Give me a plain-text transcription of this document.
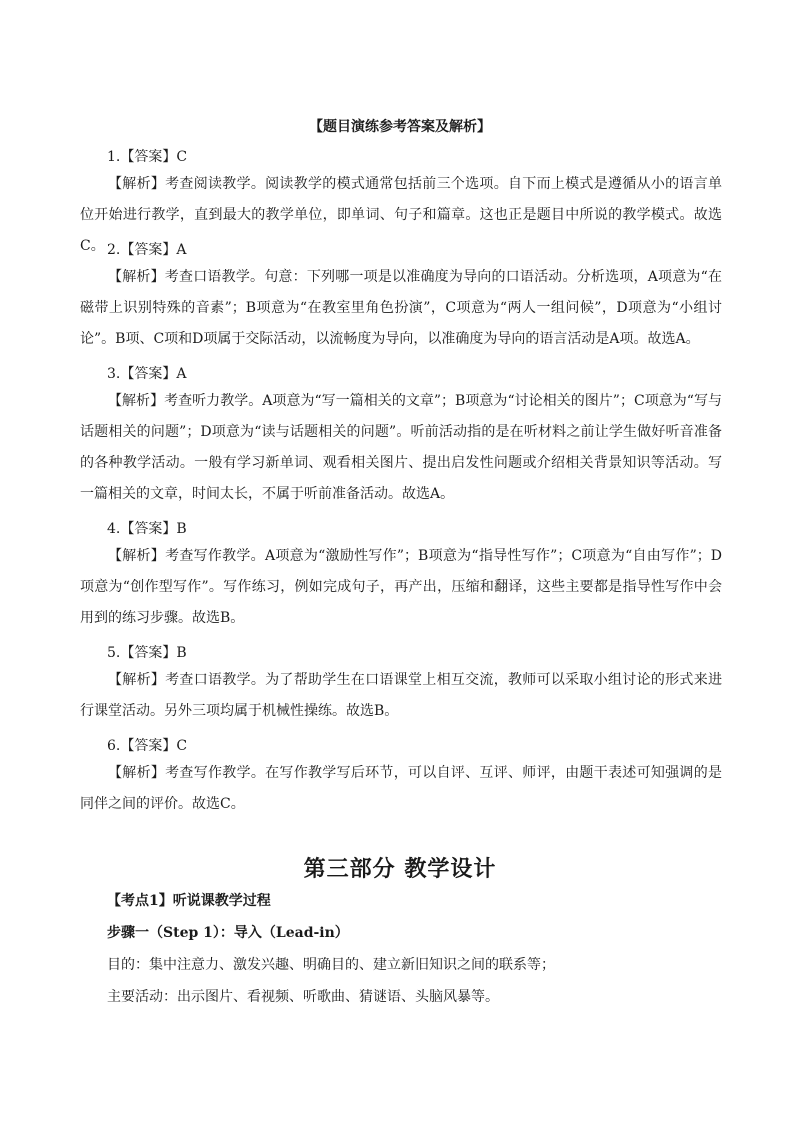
【题目演练参考答案及解析】
1.【答案】C
【解析】考查阅读教学。阅读教学的模式通常包括前三个选项。自下而上模式是遵循从小的语言单位开始进行教学，直到最大的教学单位，即单词、句子和篇章。这也正是题目中所说的教学模式。故选C。 2.【答案】A
【解析】考查口语教学。句意：下列哪一项是以准确度为导向的口语活动。分析选项，A项意为“在磁带上识别特殊的音素”；B项意为“在教室里角色扮演”，C项意为“两人一组问候”，D项意为“小组讨论”。B项、C项和D项属于交际活动，以流畅度为导向，以准确度为导向的语言活动是A项。故选A。
3.【答案】A
【解析】考查听力教学。A项意为“写一篇相关的文章”；B项意为“讨论相关的图片”；C项意为“写与话题相关的问题”；D项意为“读与话题相关的问题”。听前活动指的是在听材料之前让学生做好听音准备的各种教学活动。一般有学习新单词、观看相关图片、提出启发性问题或介绍相关背景知识等活动。写一篇相关的文章，时间太长，不属于听前准备活动。故选A。
4.【答案】B
【解析】考查写作教学。A项意为“激励性写作”；B项意为“指导性写作”；C项意为“自由写作”；D项意为“创作型写作”。写作练习，例如完成句子，再产出，压缩和翻译，这些主要都是指导性写作中会用到的练习步骤。故选B。
5.【答案】B
【解析】考查口语教学。为了帮助学生在口语课堂上相互交流，教师可以采取小组讨论的形式来进行课堂活动。另外三项均属于机械性操练。故选B。
6.【答案】C
【解析】考查写作教学。在写作教学写后环节，可以自评、互评、师评，由题干表述可知强调的是同伴之间的评价。故选C。
第三部分 教学设计
【考点1】听说课教学过程
步骤一（Step 1）：导入（Lead-in）
目的：集中注意力、激发兴趣、明确目的、建立新旧知识之间的联系等；
主要活动：出示图片、看视频、听歌曲、猜谜语、头脑风暴等。
